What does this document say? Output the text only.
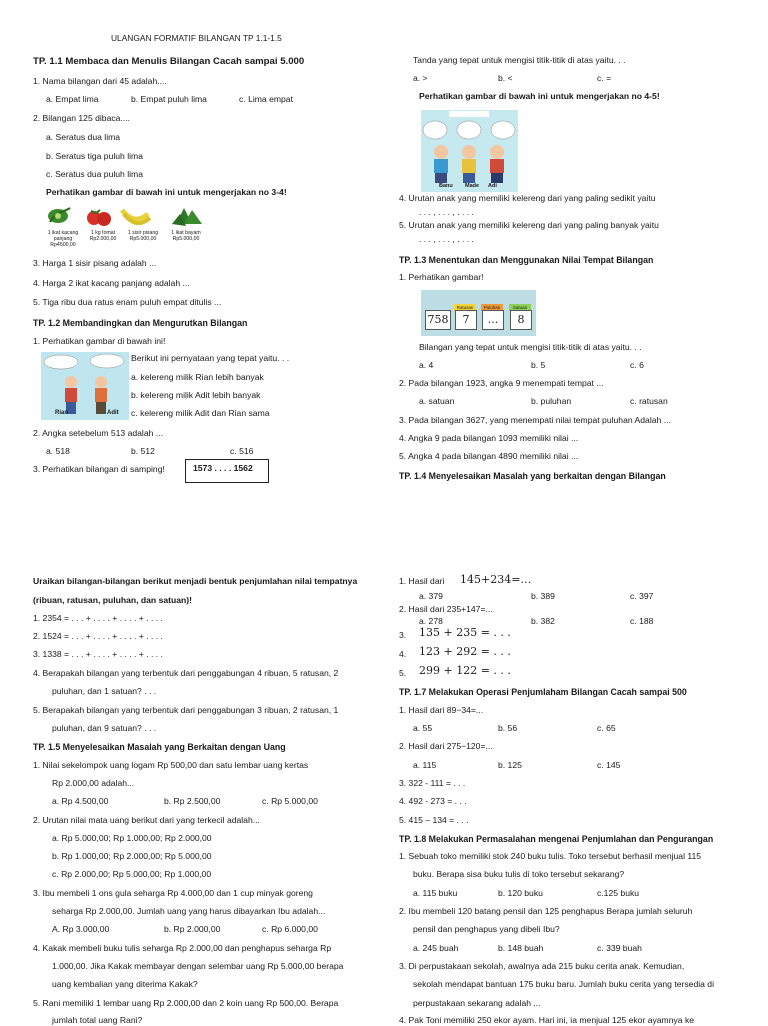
ULANGAN FORMATIF BILANGAN TP 1.1-1.5
TP. 1.1 Membaca dan Menulis Bilangan Cacah sampai 5.000
1. Nama bilangan dari 45 adalah....
a. Empat lima	b. Empat puluh lima	c. Lima empat
2. Bilangan 125 dibaca....
a. Seratus dua lima
b. Seratus tiga puluh lima
c. Seratus dua puluh lima
Perhatikan gambar di bawah ini untuk mengerjakan no 3-4!
1 ikat kacang panjang Rp4500,00
1 kg tomat Rp2.000,00
1 sisir pisang Rp5.000,00
1 ikat bayam Rp5.000,00
3. Harga 1 sisir pisang adalah ...
4. Harga 2 ikat kacang panjang adalah ...
5. Tiga ribu dua ratus enam puluh empat ditulis ...
TP. 1.2 Membandingkan dan Mengurutkan Bilangan
1. Perhatikan gambar di bawah ini!
Rian	Adit
Berikut ini pernyataan yang tepat yaitu. . .
a. kelereng milik Rian lebih banyak
b. kelereng milik Adit lebih banyak
c. kelereng milik Adit dan Rian sama
2. Angka setebelum 513 adalah ...
a. 518	b. 512	c. 516
3. Perhatikan bilangan di samping!	1573 . . . . 1562
Tanda yang tepat untuk mengisi titik-titik di atas yaitu. . .
a. >	b. <	c. =
Perhatikan gambar di bawah ini untuk mengerjakan no 4-5!
Banu Made Adi
4. Urutan anak yang memiliki kelereng dari yang paling sedikit yaitu
. . . , . . . , . . . .
5. Urutan anak yang memiliki kelereng dari yang paling banyak yaitu
. . . , . . . , . . . .
TP. 1.3 Menentukan dan Menggunakan Nilai Tempat Bilangan
1. Perhatikan gambar!
Ratusan	Puluhan	Satuan
758	7	...	8
Bilangan yang tepat untuk mengisi titik-titik di atas yaitu. . .
a. 4	b. 5	c. 6
2. Pada bilangan 1923, angka 9 menempati tempat ...
a. satuan	b. puluhan	c. ratusan
3. Pada bilangan 3627, yang menempati nilai tempat puluhan Adalah ...
4. Angka 9 pada bilangan 1093 memiliki nilai ...
5. Angka 4 pada bilangan 4890 memiliki nilai ...
TP. 1.4 Menyelesaikan Masalah yang berkaitan dengan Bilangan
Uraikan bilangan-bilangan berikut menjadi bentuk penjumlahan nilai tempatnya
(ribuan, ratusan, puluhan, dan satuan)!
1. 2354 = . . . + . . . . + . . . . + . . . .
2. 1524 = . . . + . . . . + . . . . + . . . .
3. 1338 = . . . + . . . . + . . . . + . . . .
4. Berapakah bilangan yang terbentuk dari penggabungan 4 ribuan, 5 ratusan, 2
puluhan, dan 1 satuan? . . .
5. Berapakah bilangan yang terbentuk dari penggabungan 3 ribuan, 2 ratusan, 1
puluhan, dan 9 satuan? . . .
TP. 1.5 Menyelesaikan Masalah yang Berkaitan dengan Uang
1. Nilai sekelompok uang logam Rp 500,00 dan satu lembar uang kertas
Rp 2.000,00 adalah...
a. Rp 4.500,00	b. Rp 2.500,00	c. Rp 5.000,00
2. Urutan nilai mata uang berikut dari yang terkecil adalah...
a. Rp 5.000,00; Rp 1.000,00; Rp 2.000,00
b. Rp 1.000,00; Rp 2.000,00; Rp 5.000,00
c. Rp 2.000,00; Rp 5.000,00; Rp 1.000,00
3. Ibu membeli 1 ons gula seharga Rp 4.000,00 dan 1 cup minyak goreng
seharga Rp 2.000,00. Jumlah uang yang harus dibayarkan Ibu adalah...
A. Rp 3.000,00	b. Rp 2.000,00	c. Rp 6.000,00
4. Kakak membeli buku tulis seharga Rp 2.000,00 dan penghapus seharga Rp
1.000,00. Jika Kakak membayar dengan selembar uang Rp 5.000,00 berapa
uang kembalian yang diterima Kakak?
5. Rani memiliki 1 lembar uang Rp 2.000,00 dan 2 koin uang Rp 500,00. Berapa
jumlah total uang Rani?
1. Hasil dari 145+234=…
a. 379	b. 389	c. 397
2. Hasil dari 235+147=...
a. 278	b. 382	c. 188
3. 135 + 235 = . . .
4. 123 + 292 = . . .
5. 299 + 122 = . . .
TP. 1.7 Melakukan Operasi Penjumlaham Bilangan Cacah sampai 500
1. Hasil dari 89−34=...
a. 55	b. 56	c. 65
2. Hasil dari 275−120=...
a. 115	b. 125	c. 145
3. 322 - 111 = . . .
4. 492 - 273 = . . .
5. 415 – 134 = . . .
TP. 1.8 Melakukan Permasalahan mengenai Penjumlahan dan Pengurangan
1. Sebuah toko memiliki stok 240 buku tulis. Toko tersebut berhasil menjual 115
buku. Berapa sisa buku tulis di toko tersebut sekarang?
a. 115 buku	b. 120 buku	c.125 buku
2. Ibu membeli 120 batang pensil dan 125 penghapus Berapa jumlah seluruh
pensil dan penghapus yang dibeli Ibu?
a. 245 buah	b. 148 buah	c. 339 buah
3. Di perpustakaan sekolah, awalnya ada 215 buku cerita anak. Kemudian,
sekolah mendapat bantuan 175 buku baru. Jumlah buku cerita yang tersedia di
perpustakaan sekarang adalah ...
4. Pak Toni memiliki 250 ekor ayam. Hari ini, ia menjual 125 ekor ayamnya ke
